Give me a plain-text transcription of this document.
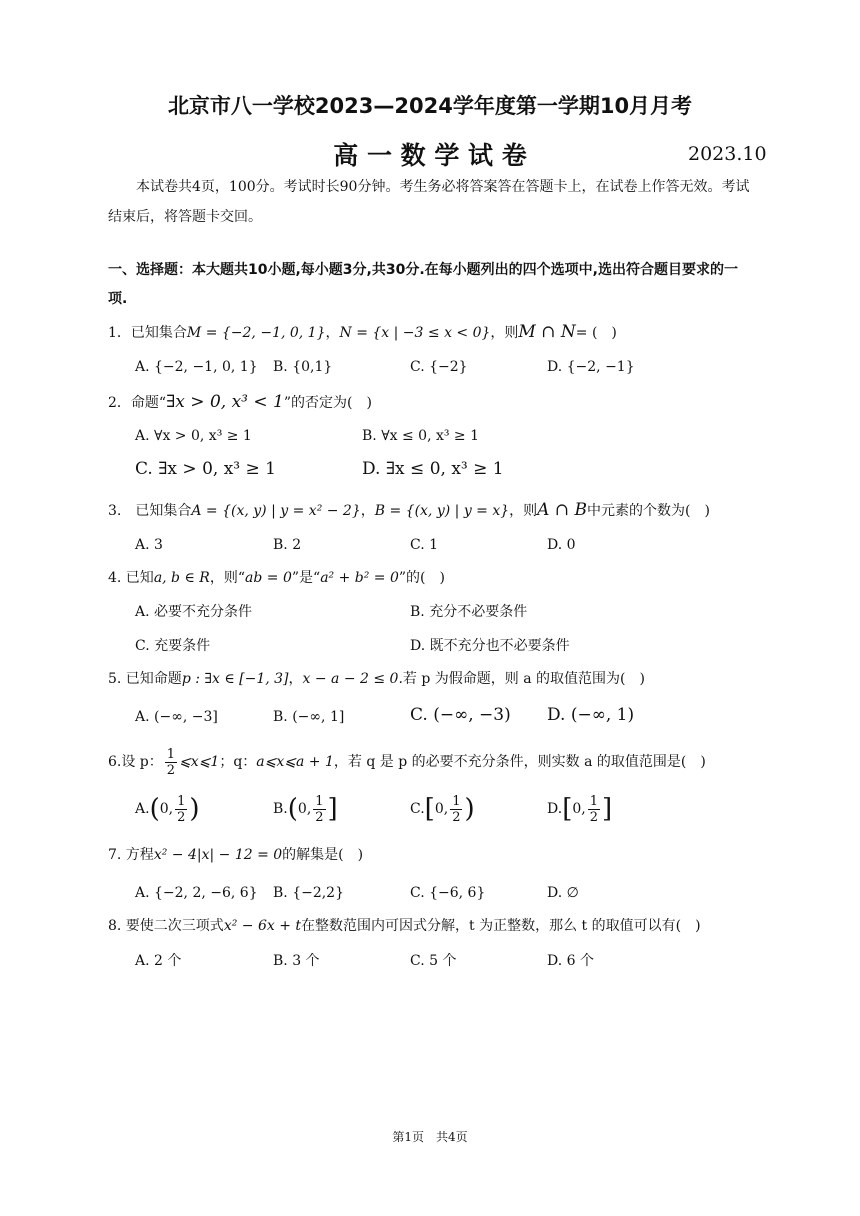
北京市八一学校2023—2024学年度第一学期10月月考
高 一 数 学 试 卷	2023.10
本试卷共4页，100分。考试时长90分钟。考生务必将答案答在答题卡上，在试卷上作答无效。考试结束后，将答题卡交回。
一、选择题：本大题共10小题,每小题3分,共30分.在每小题列出的四个选项中,选出符合题目要求的一项.
1．已知集合M = {−2, −1, 0, 1}，N = {x | −3 ≤ x < 0}，则M ∩ N= (　)
A. {−2, −1, 0, 1} B. {0,1}	C. {−2}	D. {−2, −1}
2．命题“∃x > 0, x³ < 1”的否定为(　)
A. ∀x > 0, x³ ≥ 1	B. ∀x ≤ 0, x³ ≥ 1
C. ∃x > 0, x³ ≥ 1	D. ∃x ≤ 0, x³ ≥ 1
3.　已知集合A = {(x, y) | y = x² − 2}，B = {(x, y) | y = x}，则A ∩ B中元素的个数为(　)
A. 3	B. 2	C. 1	D. 0
4. 已知a, b ∈ R，则“ab = 0”是“a² + b² = 0”的(　)
A. 必要不充分条件	B. 充分不必要条件
C. 充要条件	D. 既不充分也不必要条件
5. 已知命题p : ∃x ∈ [−1, 3]，x − a − 2 ≤ 0.若 p 为假命题，则 a 的取值范围为(　)
A. (−∞, −3]	B. (−∞, 1]	C. (−∞, −3) D. (−∞, 1)
6.设 p： $\frac{1}{2}$ ⩽x⩽1；q：a⩽x⩽a + 1，若 q 是 p 的必要不充分条件，则实数 a 的取值范围是(　)
A.(0, $\frac{1}{2}$ )	B.(0, $\frac{1}{2}$ ]	C.[0, $\frac{1}{2}$ )	D.[0, $\frac{1}{2}$ ]
7. 方程x² − 4|x| − 12 = 0的解集是(　)
A. {−2, 2, −6, 6} B. {−2,2}	C. {−6, 6}	D. ∅
8. 要使二次三项式x² − 6x + t在整数范围内可因式分解，t 为正整数，那么 t 的取值可以有(　)
A. 2 个	B. 3 个	C. 5 个	D. 6 个
第1页　共4页
